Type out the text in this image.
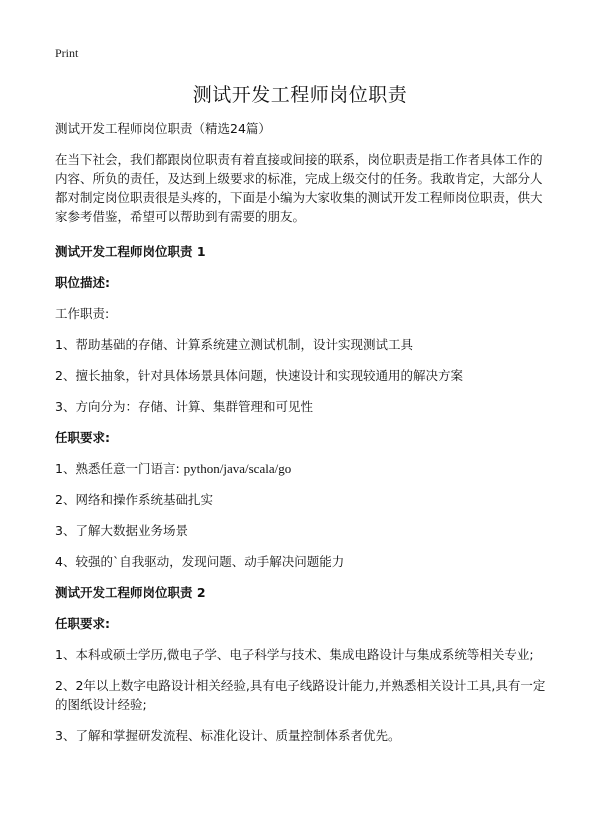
Print
测试开发工程师岗位职责

测试开发工程师岗位职责（精选24篇）

在当下社会，我们都跟岗位职责有着直接或间接的联系，岗位职责是指工作者具体工作的内容、所负的责任，及达到上级要求的标准，完成上级交付的任务。我敢肯定，大部分人都对制定岗位职责很是头疼的，下面是小编为大家收集的测试开发工程师岗位职责，供大家参考借鉴，希望可以帮助到有需要的朋友。

测试开发工程师岗位职责 1

职位描述:

工作职责:

1、帮助基础的存储、计算系统建立测试机制，设计实现测试工具

2、擅长抽象，针对具体场景具体问题，快速设计和实现较通用的解决方案

3、方向分为：存储、计算、集群管理和可见性

任职要求:

1、熟悉任意一门语言: python/java/scala/go

2、网络和操作系统基础扎实

3、了解大数据业务场景

4、较强的`自我驱动，发现问题、动手解决问题能力

测试开发工程师岗位职责 2

任职要求:

1、本科或硕士学历,微电子学、电子科学与技术、集成电路设计与集成系统等相关专业;

2、2年以上数字电路设计相关经验,具有电子线路设计能力,并熟悉相关设计工具,具有一定的图纸设计经验;

3、了解和掌握研发流程、标准化设计、质量控制体系者优先。
